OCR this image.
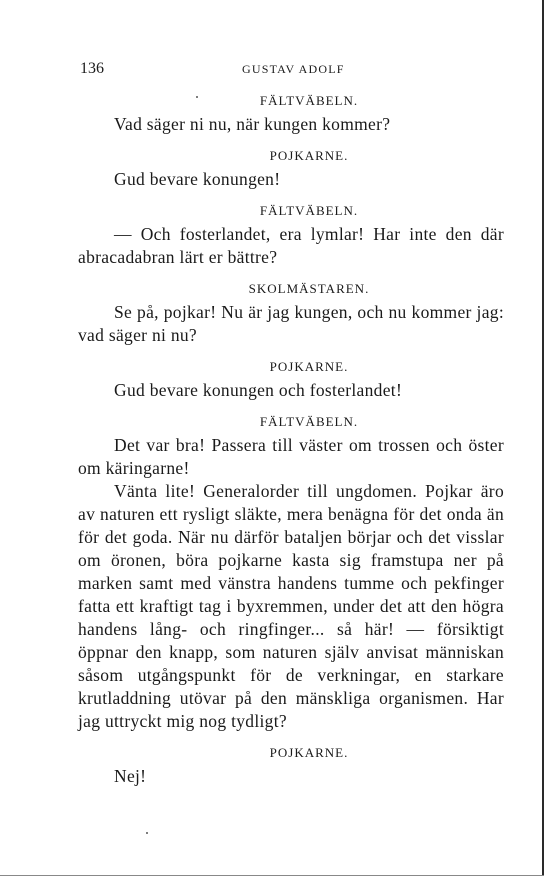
136	GUSTAV ADOLF

FÄLTVÄBELN.

Vad säger ni nu, när kungen kommer?

POJKARNE.

Gud bevare konungen!

FÄLTVÄBELN.

— Och fosterlandet, era lymlar! Har inte den där abracadabran lärt er bättre?

SKOLMÄSTAREN.

Se på, pojkar! Nu är jag kungen, och nu kommer jag: vad säger ni nu?

POJKARNE.

Gud bevare konungen och fosterlandet!

FÄLTVÄBELN.

Det var bra! Passera till väster om trossen och öster om käringarne!

Vänta lite! Generalorder till ungdomen. Pojkar äro av naturen ett rysligt släkte, mera benägna för det onda än för det goda. När nu därför bataljen börjar och det visslar om öronen, böra pojkarne kasta sig framstupa ner på marken samt med vänstra handens tumme och pekfinger fatta ett kraftigt tag i byxremmen, under det att den högra handens lång- och ringfinger... så här! — försiktigt öppnar den knapp, som naturen själv anvisat människan såsom utgångspunkt för de verkningar, en starkare krutladdning utövar på den mänskliga organismen. Har jag uttryckt mig nog tydligt?

POJKARNE.

Nej!
